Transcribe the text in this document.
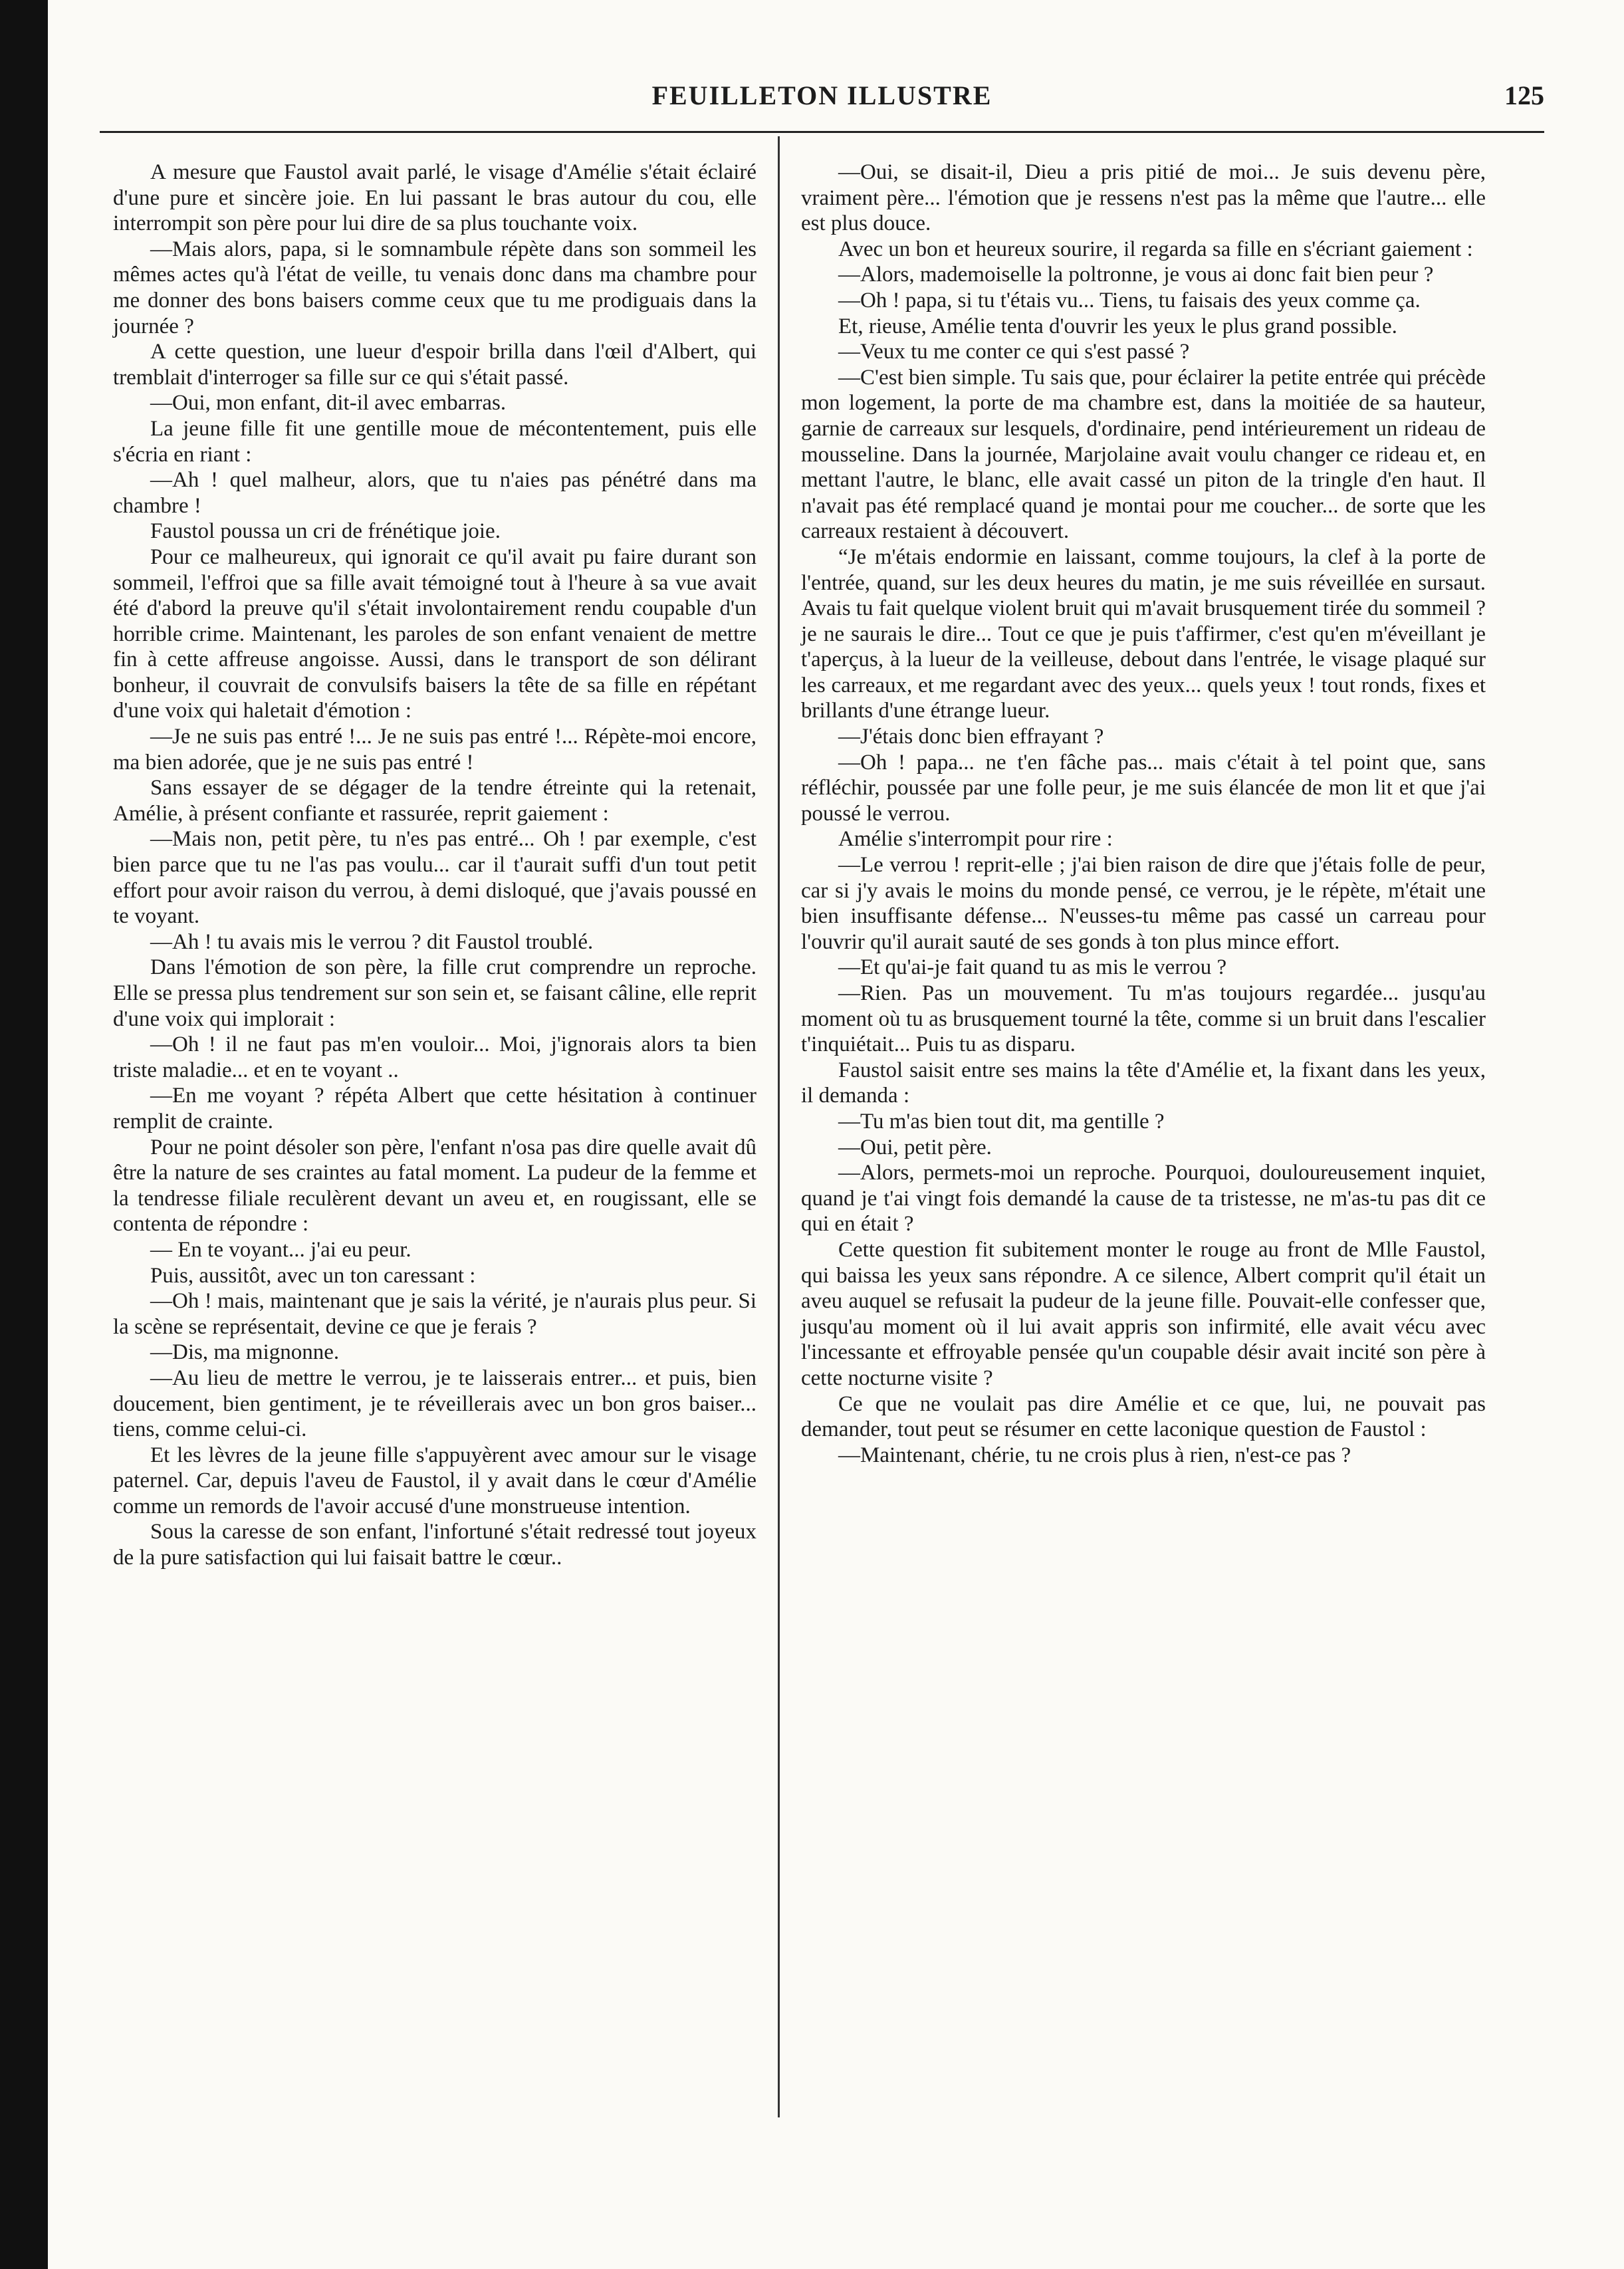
FEUILLETON ILLUSTRE	125

A mesure que Faustol avait parlé, le visage d'Amélie s'était éclairé d'une pure et sincère joie. En lui passant le bras autour du cou, elle interrompit son père pour lui dire de sa plus touchante voix.

—Mais alors, papa, si le somnambule répète dans son sommeil les mêmes actes qu'à l'état de veille, tu venais donc dans ma chambre pour me donner des bons baisers comme ceux que tu me prodiguais dans la journée ?

A cette question, une lueur d'espoir brilla dans l'œil d'Albert, qui tremblait d'interroger sa fille sur ce qui s'était passé.

—Oui, mon enfant, dit-il avec embarras.

La jeune fille fit une gentille moue de mécontentement, puis elle s'écria en riant :

—Ah ! quel malheur, alors, que tu n'aies pas pénétré dans ma chambre !

Faustol poussa un cri de frénétique joie.

Pour ce malheureux, qui ignorait ce qu'il avait pu faire durant son sommeil, l'effroi que sa fille avait témoigné tout à l'heure à sa vue avait été d'abord la preuve qu'il s'était involontairement rendu coupable d'un horrible crime. Maintenant, les paroles de son enfant venaient de mettre fin à cette affreuse angoisse. Aussi, dans le transport de son délirant bonheur, il couvrait de convulsifs baisers la tête de sa fille en répétant d'une voix qui haletait d'émotion :

—Je ne suis pas entré !... Je ne suis pas entré !... Répète-moi encore, ma bien adorée, que je ne suis pas entré !

Sans essayer de se dégager de la tendre étreinte qui la retenait, Amélie, à présent confiante et rassurée, reprit gaiement :

—Mais non, petit père, tu n'es pas entré... Oh ! par exemple, c'est bien parce que tu ne l'as pas voulu... car il t'aurait suffi d'un tout petit effort pour avoir raison du verrou, à demi disloqué, que j'avais poussé en te voyant.

—Ah ! tu avais mis le verrou ? dit Faustol troublé.

Dans l'émotion de son père, la fille crut comprendre un reproche. Elle se pressa plus tendrement sur son sein et, se faisant câline, elle reprit d'une voix qui implorait :

—Oh ! il ne faut pas m'en vouloir... Moi, j'ignorais alors ta bien triste maladie... et en te voyant ..

—En me voyant ? répéta Albert que cette hésitation à continuer remplit de crainte.

Pour ne point désoler son père, l'enfant n'osa pas dire quelle avait dû être la nature de ses craintes au fatal moment. La pudeur de la femme et la tendresse filiale reculèrent devant un aveu et, en rougissant, elle se contenta de répondre :

— En te voyant... j'ai eu peur.

Puis, aussitôt, avec un ton caressant :

—Oh ! mais, maintenant que je sais la vérité, je n'aurais plus peur. Si la scène se représentait, devine ce que je ferais ?

—Dis, ma mignonne.

—Au lieu de mettre le verrou, je te laisserais entrer... et puis, bien doucement, bien gentiment, je te réveillerais avec un bon gros baiser... tiens, comme celui-ci.

Et les lèvres de la jeune fille s'appuyèrent avec amour sur le visage paternel. Car, depuis l'aveu de Faustol, il y avait dans le cœur d'Amélie comme un remords de l'avoir accusé d'une monstrueuse intention.

Sous la caresse de son enfant, l'infortuné s'était redressé tout joyeux de la pure satisfaction qui lui faisait battre le cœur..

—Oui, se disait-il, Dieu a pris pitié de moi... Je suis devenu père, vraiment père... l'émotion que je ressens n'est pas la même que l'autre... elle est plus douce.

Avec un bon et heureux sourire, il regarda sa fille en s'écriant gaiement :

—Alors, mademoiselle la poltronne, je vous ai donc fait bien peur ?

—Oh ! papa, si tu t'étais vu... Tiens, tu faisais des yeux comme ça.

Et, rieuse, Amélie tenta d'ouvrir les yeux le plus grand possible.

—Veux tu me conter ce qui s'est passé ?

—C'est bien simple. Tu sais que, pour éclairer la petite entrée qui précède mon logement, la porte de ma chambre est, dans la moitiée de sa hauteur, garnie de carreaux sur lesquels, d'ordinaire, pend intérieurement un rideau de mousseline. Dans la journée, Marjolaine avait voulu changer ce rideau et, en mettant l'autre, le blanc, elle avait cassé un piton de la tringle d'en haut. Il n'avait pas été remplacé quand je montai pour me coucher... de sorte que les carreaux restaient à découvert.

“Je m'étais endormie en laissant, comme toujours, la clef à la porte de l'entrée, quand, sur les deux heures du matin, je me suis réveillée en sursaut. Avais tu fait quelque violent bruit qui m'avait brusquement tirée du sommeil ? je ne saurais le dire... Tout ce que je puis t'affirmer, c'est qu'en m'éveillant je t'aperçus, à la lueur de la veilleuse, debout dans l'entrée, le visage plaqué sur les carreaux, et me regardant avec des yeux... quels yeux ! tout ronds, fixes et brillants d'une étrange lueur.

—J'étais donc bien effrayant ?

—Oh ! papa... ne t'en fâche pas... mais c'était à tel point que, sans réfléchir, poussée par une folle peur, je me suis élancée de mon lit et que j'ai poussé le verrou.

Amélie s'interrompit pour rire :

—Le verrou ! reprit-elle ; j'ai bien raison de dire que j'étais folle de peur, car si j'y avais le moins du monde pensé, ce verrou, je le répète, m'était une bien insuffisante défense... N'eusses-tu même pas cassé un carreau pour l'ouvrir qu'il aurait sauté de ses gonds à ton plus mince effort.

—Et qu'ai-je fait quand tu as mis le verrou ?

—Rien. Pas un mouvement. Tu m'as toujours regardée... jusqu'au moment où tu as brusquement tourné la tête, comme si un bruit dans l'escalier t'inquiétait... Puis tu as disparu.

Faustol saisit entre ses mains la tête d'Amélie et, la fixant dans les yeux, il demanda :

—Tu m'as bien tout dit, ma gentille ?

—Oui, petit père.

—Alors, permets-moi un reproche. Pourquoi, douloureusement inquiet, quand je t'ai vingt fois demandé la cause de ta tristesse, ne m'as-tu pas dit ce qui en était ?

Cette question fit subitement monter le rouge au front de Mlle Faustol, qui baissa les yeux sans répondre. A ce silence, Albert comprit qu'il était un aveu auquel se refusait la pudeur de la jeune fille. Pouvait-elle confesser que, jusqu'au moment où il lui avait appris son infirmité, elle avait vécu avec l'incessante et effroyable pensée qu'un coupable désir avait incité son père à cette nocturne visite ?

Ce que ne voulait pas dire Amélie et ce que, lui, ne pouvait pas demander, tout peut se résumer en cette laconique question de Faustol :

—Maintenant, chérie, tu ne crois plus à rien, n'est-ce pas ?
